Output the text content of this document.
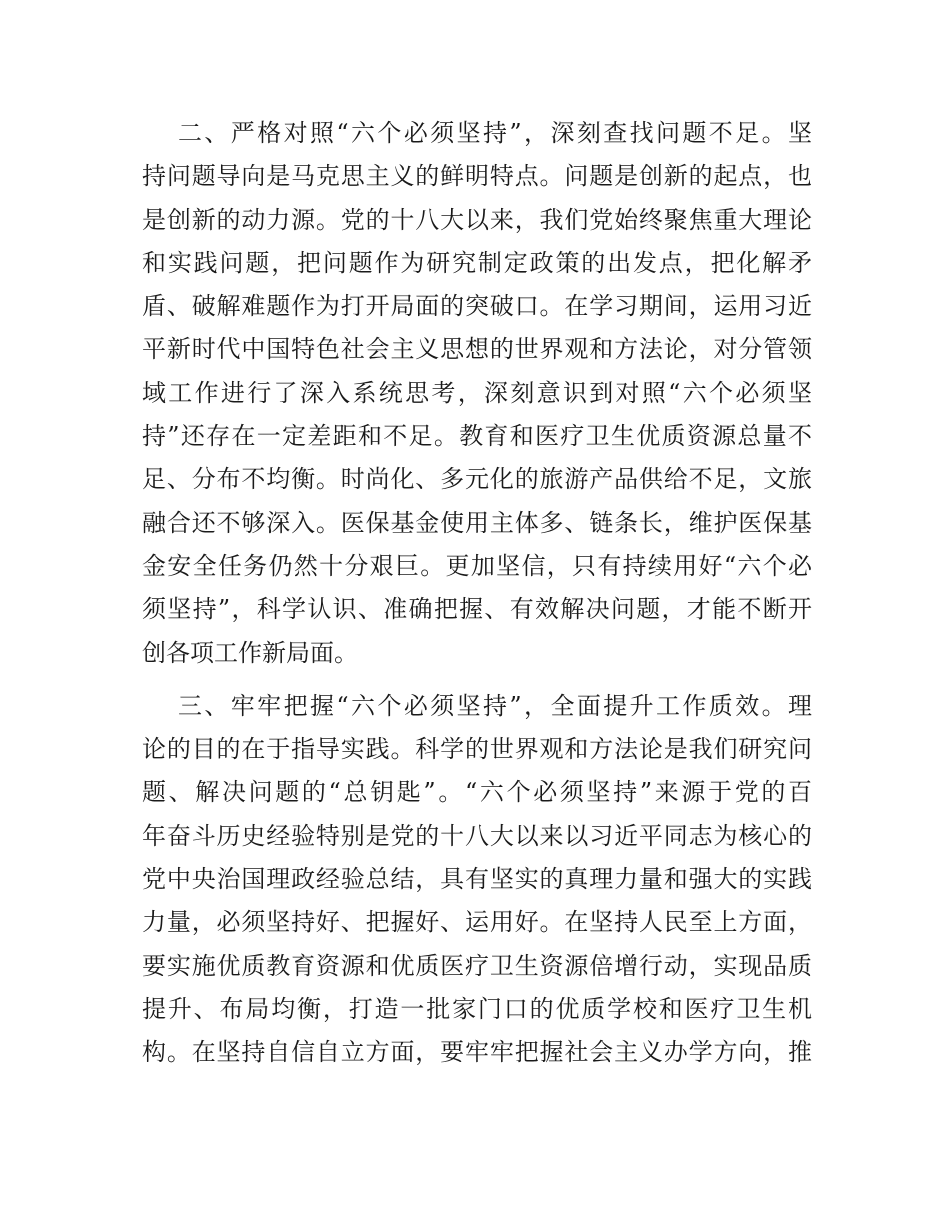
二、严格对照“六个必须坚持”，深刻查找问题不足。坚
持问题导向是马克思主义的鲜明特点。问题是创新的起点，也
是创新的动力源。党的十八大以来，我们党始终聚焦重大理论
和实践问题，把问题作为研究制定政策的出发点，把化解矛
盾、破解难题作为打开局面的突破口。在学习期间，运用习近
平新时代中国特色社会主义思想的世界观和方法论，对分管领
域工作进行了深入系统思考，深刻意识到对照“六个必须坚
持”还存在一定差距和不足。教育和医疗卫生优质资源总量不
足、分布不均衡。时尚化、多元化的旅游产品供给不足，文旅
融合还不够深入。医保基金使用主体多、链条长，维护医保基
金安全任务仍然十分艰巨。更加坚信，只有持续用好“六个必
须坚持”，科学认识、准确把握、有效解决问题，才能不断开
创各项工作新局面。
三、牢牢把握“六个必须坚持”，全面提升工作质效。理
论的目的在于指导实践。科学的世界观和方法论是我们研究问
题、解决问题的“总钥匙”。“六个必须坚持”来源于党的百
年奋斗历史经验特别是党的十八大以来以习近平同志为核心的
党中央治国理政经验总结，具有坚实的真理力量和强大的实践
力量，必须坚持好、把握好、运用好。在坚持人民至上方面，
要实施优质教育资源和优质医疗卫生资源倍增行动，实现品质
提升、布局均衡，打造一批家门口的优质学校和医疗卫生机
构。在坚持自信自立方面，要牢牢把握社会主义办学方向，推
